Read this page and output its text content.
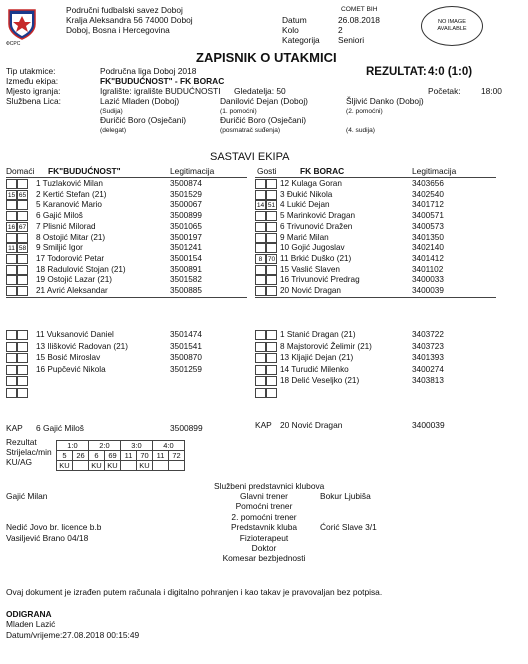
ФСРС
Područni fudbalski savez Doboj
Kralja Aleksandra 56 74000 Doboj
Doboj, Bosna i Hercegovina
COMET BIH
Datum
Kolo
Kategorija
26.08.2018
2
Seniori
NO IMAGE AVAILABLE
ZAPISNIK O UTAKMICI
Tip utakmice:
Između ekipa:
Mjesto igranja:
Službena Lica:
Područna liga Doboj 2018
FK"BUDUĆNOST" - FK BORAC
Igralište: igralište BUDUĆNOSTI Gledatelja: 50
REZULTAT: 4:0 (1:0)
Početak: 18:00
Lazić Mladen (Doboj)
(Sudija)
Danilović Dejan (Doboj)
(1. pomoćni)
Šljivić Danko (Doboj)
(2. pomoćni)
Đuričić Boro (Osječani)
(delegat)
Đuričić Boro (Osječani)
(posmatrač suđenja)	(4. sudija)
SASTAVI EKIPA
Domaći FK"BUDUĆNOST"	Legitimacija	Gosti	FK BORAC	Legitimacija
1 Tuzlaković Milan	3500874
15 65 2 Kertić Stefan (21)	3501529
5 Karanović Mario	3500067
6 Gajić Miloš	3500899
16 67 7 Plisnić Milorad	3501065
8 Ostojić Mitar (21)	3500197
11 58 9 Smiljić Igor	3501241
17 Todorović Petar	3500154
18 Radulović Stojan (21)	3500891
19 Ostojić Lazar (21)	3501582
21 Avrić Aleksandar	3500885
12 Kulaga Goran	3403656
3 Đukić Nikola	3402540
14 51 4 Lukić Dejan	3401712
5 Marinković Dragan	3400571
6 Trivunović Dražen	3400573
9 Marić Milan	3401350
10 Gojić Jugoslav	3402140
8 70 11 Brkić Duško (21)	3401412
15 Vaslić Slaven	3401102
16 Trivunović Predrag	3400033
20 Nović Dragan	3400039
11 Vuksanović Daniel	3501474
13 Ilišković Radovan (21)	3501541
15 Bosić Miroslav	3500870
16 Pupčević Nikola	3501259
1 Stanić Dragan (21)	3403722
8 Majstorović Želimir (21)	3403723
13 Kljajić Dejan (21)	3401393
14 Turudić Milenko	3400274
18 Delić Veseljko (21)	3403813
KAP 6 Gajić Miloš	3500899	KAP 20 Nović Dragan	3400039
Rezultat
Strijelac/min
KU/AG
1:0		2:0		3:0		4:0	
5	26	6	69	11	70	11	72
KU		KU	KU		KU		
Službeni predstavnici klubova
Glavni trener
Pomoćni trener
2. pomoćni trener
Predstavnik kluba
Fizioterapeut
Doktor
Komesar bezbjednosti
Gajić Milan	Bokur Ljubiša
Nedić Jovo br. licence b.b	Ćorić Slave 3/1
Vasiljević Brano 04/18
Ovaj dokument je izrađen putem računala i digitalno pohranjen i kao takav je pravovaljan bez potpisa.
ODIGRANA
Mladen Lazić
Datum/vrijeme:27.08.2018 00:15:49
